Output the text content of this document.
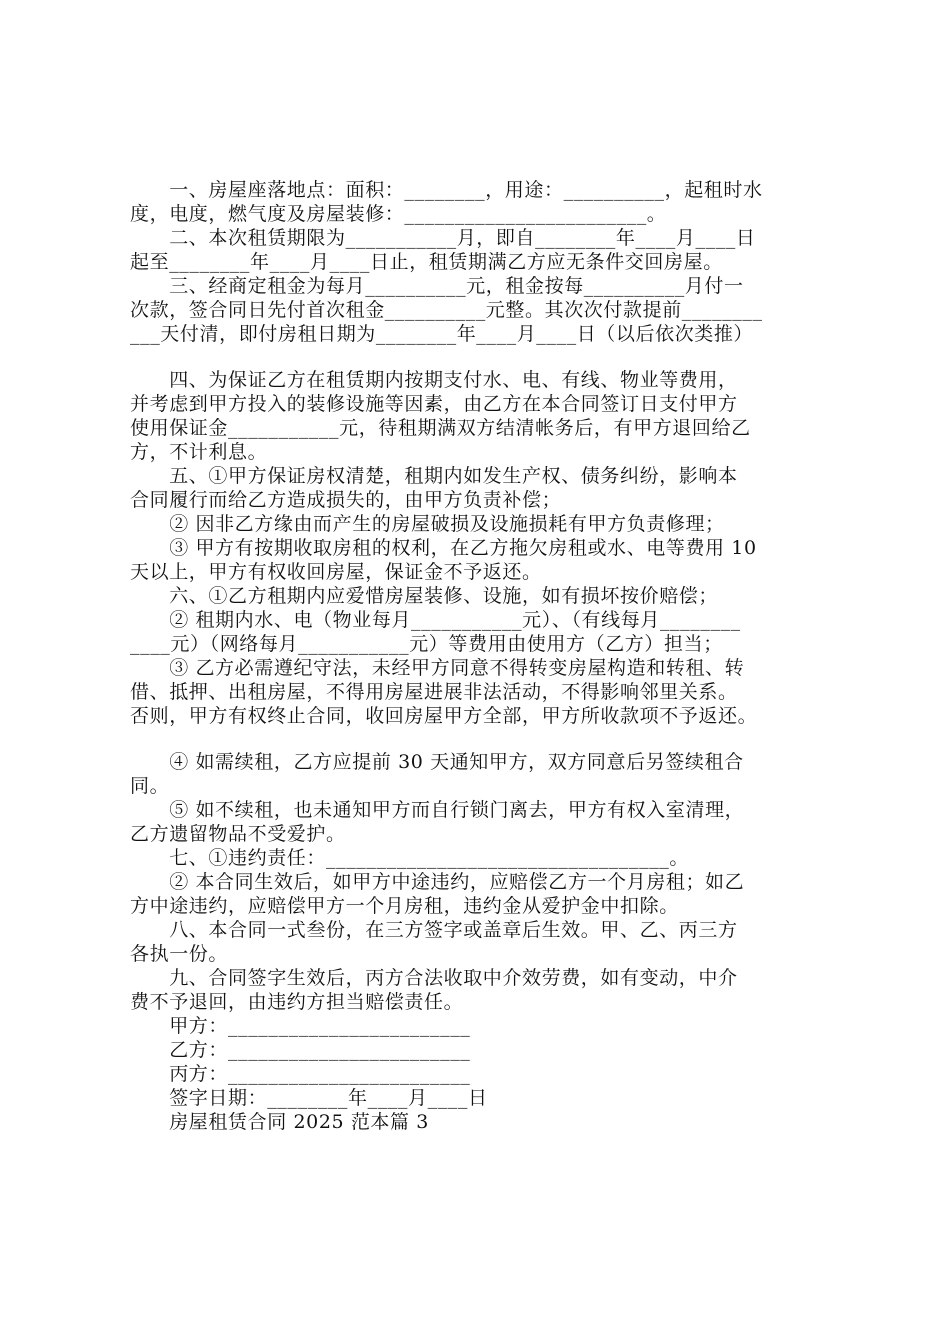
　　一、房屋座落地点：面积：________，用途：__________，起租时水
度，电度，燃气度及房屋装修：________________________。
　　二、本次租赁期限为___________月，即自________年____月____日
起至________年____月____日止，租赁期满乙方应无条件交回房屋。
　　三、经商定租金为每月__________元，租金按每__________月付一
次款，签合同日先付首次租金__________元整。其次次付款提前________
___天付清，即付房租日期为________年____月____日（以后依次类推）
　　四、为保证乙方在租赁期内按期支付水、电、有线、物业等费用，
并考虑到甲方投入的装修设施等因素，由乙方在本合同签订日支付甲方
使用保证金___________元，待租期满双方结清帐务后，有甲方退回给乙
方，不计利息。
　　五、①甲方保证房权清楚，租期内如发生产权、债务纠纷，影响本
合同履行而给乙方造成损失的，由甲方负责补偿；
　　② 因非乙方缘由而产生的房屋破损及设施损耗有甲方负责修理；
　　③ 甲方有按期收取房租的权利，在乙方拖欠房租或水、电等费用 10
天以上，甲方有权收回房屋，保证金不予返还。
　　六、①乙方租期内应爱惜房屋装修、设施，如有损坏按价赔偿；
　　② 租期内水、电（物业每月___________元）、（有线每月________
____元）（网络每月___________元）等费用由使用方（乙方）担当；
　　③ 乙方必需遵纪守法，未经甲方同意不得转变房屋构造和转租、转
借、抵押、出租房屋，不得用房屋进展非法活动，不得影响邻里关系。
否则，甲方有权终止合同，收回房屋甲方全部，甲方所收款项不予返还。
　　④ 如需续租，乙方应提前 30 天通知甲方，双方同意后另签续租合
同。
　　⑤ 如不续租，也未通知甲方而自行锁门离去，甲方有权入室清理，
乙方遗留物品不受爱护。
　　七、①违约责任：__________________________________。
　　② 本合同生效后，如甲方中途违约，应赔偿乙方一个月房租；如乙
方中途违约，应赔偿甲方一个月房租，违约金从爱护金中扣除。
　　八、本合同一式叁份，在三方签字或盖章后生效。甲、乙、丙三方
各执一份。
　　九、合同签字生效后，丙方合法收取中介效劳费，如有变动，中介
费不予退回，由违约方担当赔偿责任。
　　甲方：________________________
　　乙方：________________________
　　丙方：________________________
　　签字日期：________年____月____日
　　房屋租赁合同 2025 范本篇 3
